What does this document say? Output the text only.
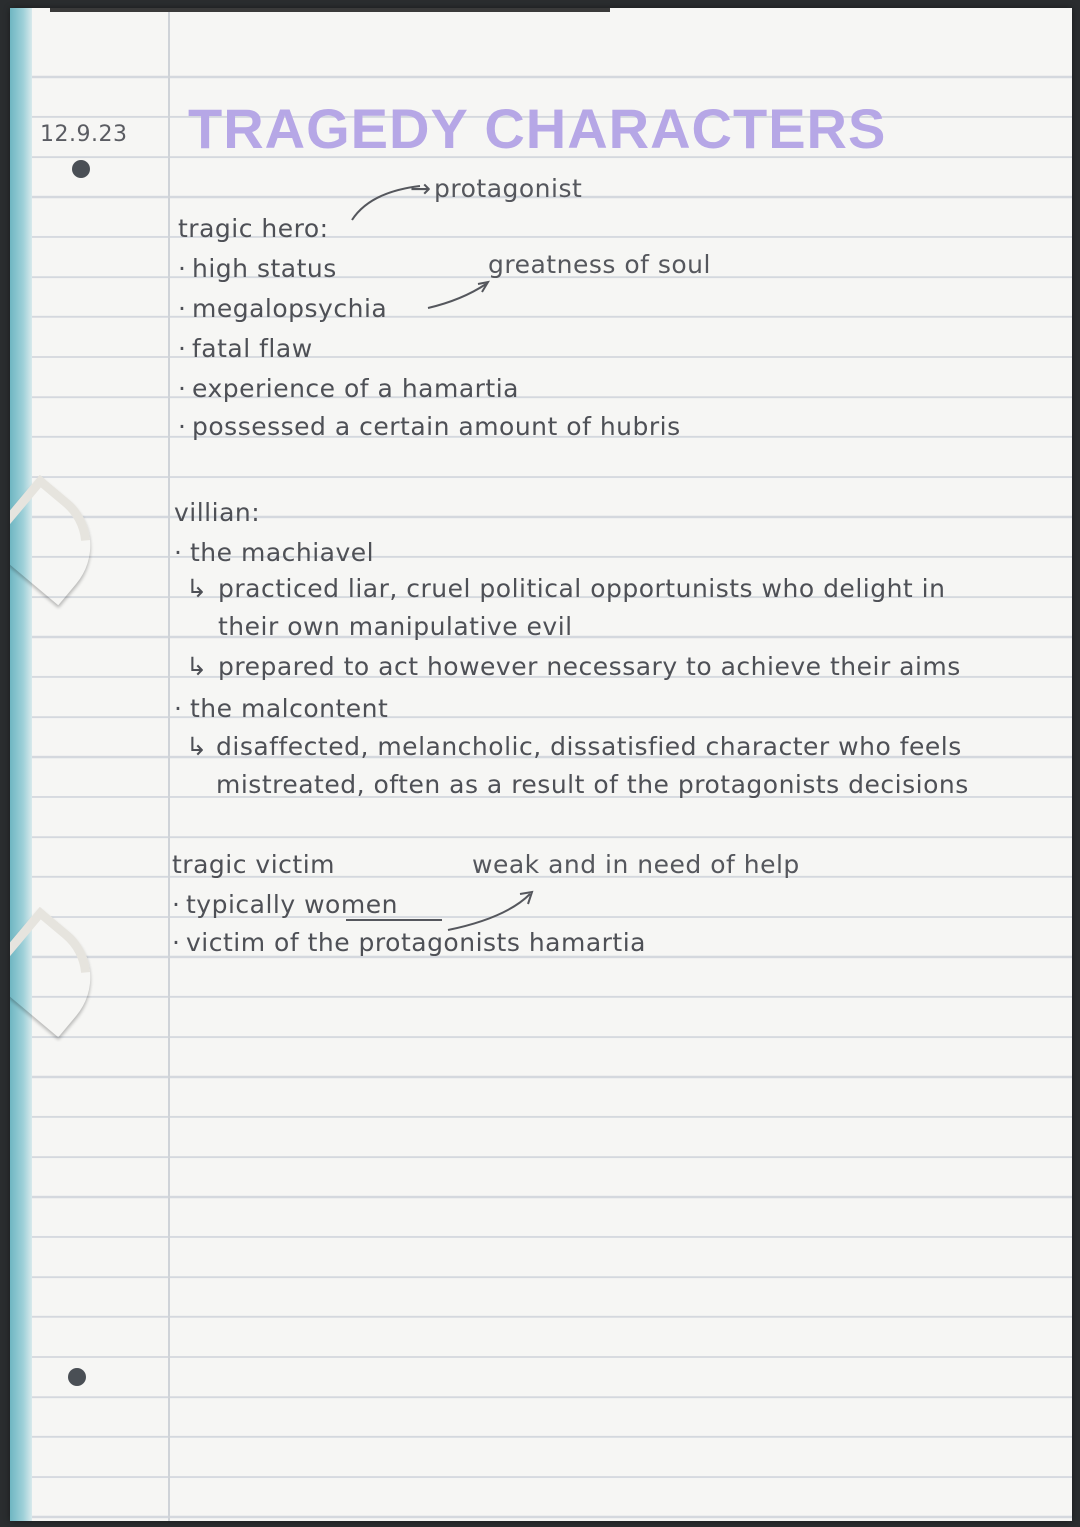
12.9.23 TRAGEDY CHARACTERS
→ protagonist
tragic hero:
greatness of soul
· high status
· megalopsychia
· fatal flaw
· experience of a hamartia
· possessed a certain amount of hubris
villian:
· the machiavel
↳ practiced liar, cruel political opportunists who delight in
their own manipulative evil
↳ prepared to act however necessary to achieve their aims
· the malcontent
↳ disaffected, melancholic, dissatisfied character who feels
mistreated, often as a result of the protagonists decisions
tragic victim	weak and in need of help
· typically women
· victim of the protagonists hamartia
